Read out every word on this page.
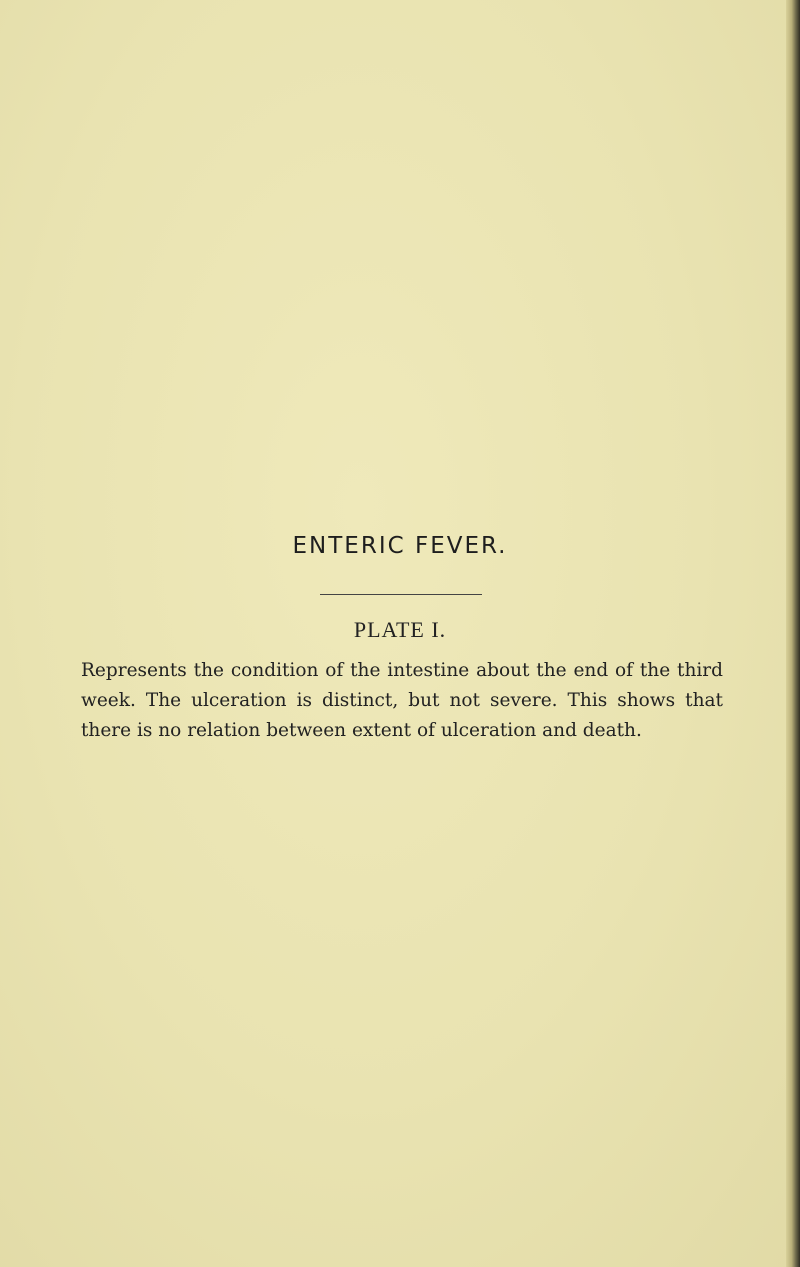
ENTERIC FEVER.
PLATE I.

Represents the condition of the intestine about the end of the third week. The ulceration is distinct, but not severe. This shows that there is no relation between extent of ulceration and death.
